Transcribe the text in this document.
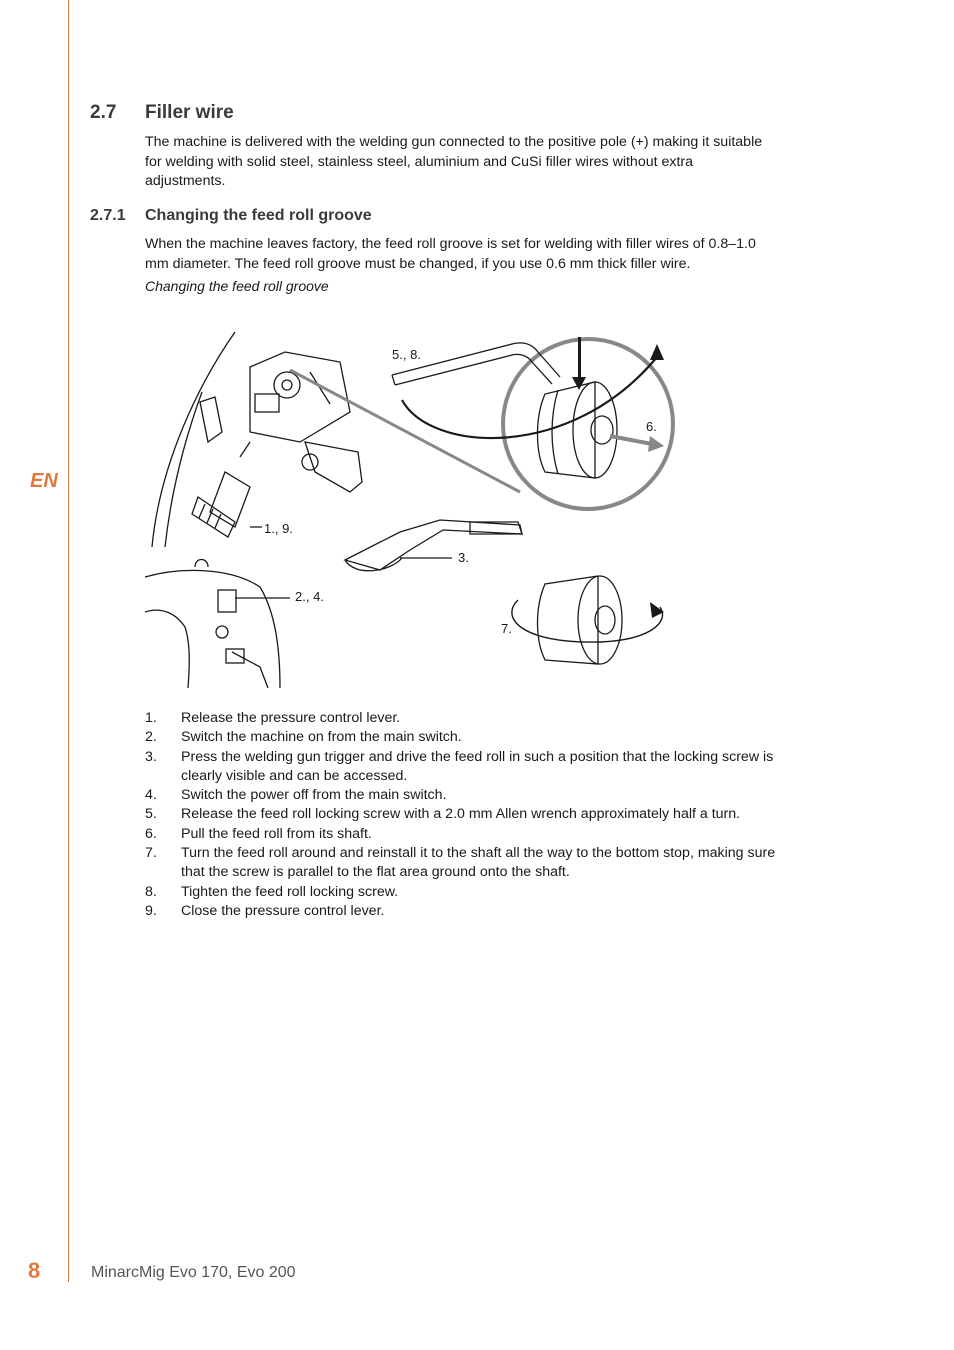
EN
2.7 Filler wire
The machine is delivered with the welding gun connected to the positive pole (+) making it suitable for welding with solid steel, stainless steel, aluminium and CuSi filler wires without extra adjustments.
2.7.1 Changing the feed roll groove
When the machine leaves factory, the feed roll groove is set for welding with filler wires of 0.8–1.0 mm diameter. The feed roll groove must be changed, if you use 0.6 mm thick filler wire.
Changing the feed roll groove
5., 8.
6.
1., 9.
3.
2., 4.
7.
1. Release the pressure control lever.
2. Switch the machine on from the main switch.
3. Press the welding gun trigger and drive the feed roll in such a position that the locking screw is clearly visible and can be accessed.
4. Switch the power off from the main switch.
5. Release the feed roll locking screw with a 2.0 mm Allen wrench approximately half a turn.
6. Pull the feed roll from its shaft.
7. Turn the feed roll around and reinstall it to the shaft all the way to the bottom stop, making sure that the screw is parallel to the flat area ground onto the shaft.
8. Tighten the feed roll locking screw.
9. Close the pressure control lever.
8	MinarcMig Evo 170, Evo 200
